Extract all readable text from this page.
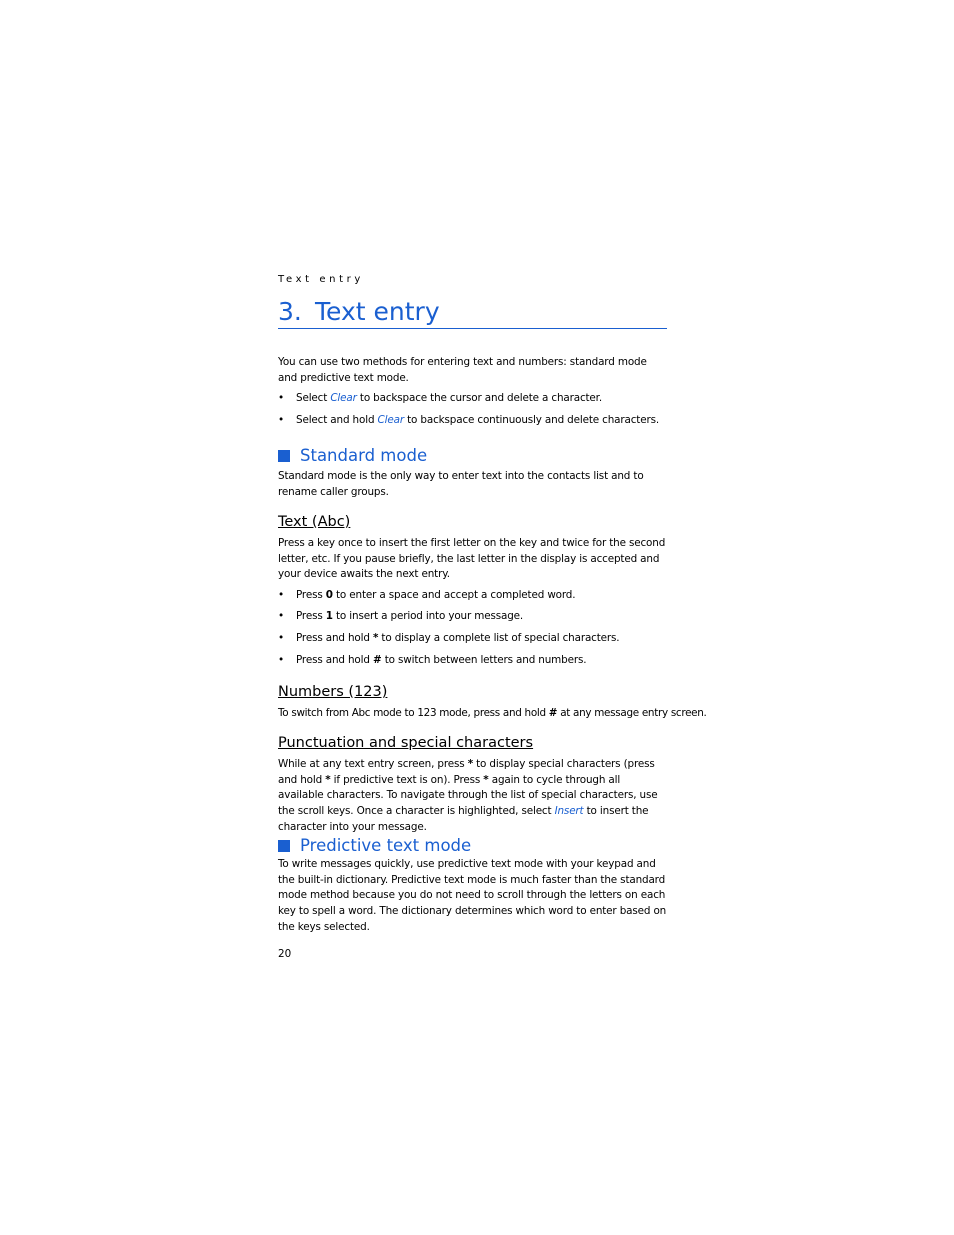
Text entry
3. Text entry

You can use two methods for entering text and numbers: standard mode and predictive text mode.

• Select Clear to backspace the cursor and delete a character.
• Select and hold Clear to backspace continuously and delete characters.
Standard mode

Standard mode is the only way to enter text into the contacts list and to rename caller groups.

Text (Abc)

Press a key once to insert the first letter on the key and twice for the second letter, etc. If you pause briefly, the last letter in the display is accepted and your device awaits the next entry.

• Press 0 to enter a space and accept a completed word.
• Press 1 to insert a period into your message.
• Press and hold * to display a complete list of special characters.
• Press and hold # to switch between letters and numbers.
Numbers (123)

To switch from Abc mode to 123 mode, press and hold # at any message entry screen.

Punctuation and special characters

While at any text entry screen, press * to display special characters (press and hold * if predictive text is on). Press * again to cycle through all available characters. To navigate through the list of special characters, use the scroll keys. Once a character is highlighted, select Insert to insert the character into your message.

Predictive text mode

To write messages quickly, use predictive text mode with your keypad and the built-in dictionary. Predictive text mode is much faster than the standard mode method because you do not need to scroll through the letters on each key to spell a word. The dictionary determines which word to enter based on the keys selected.

20
